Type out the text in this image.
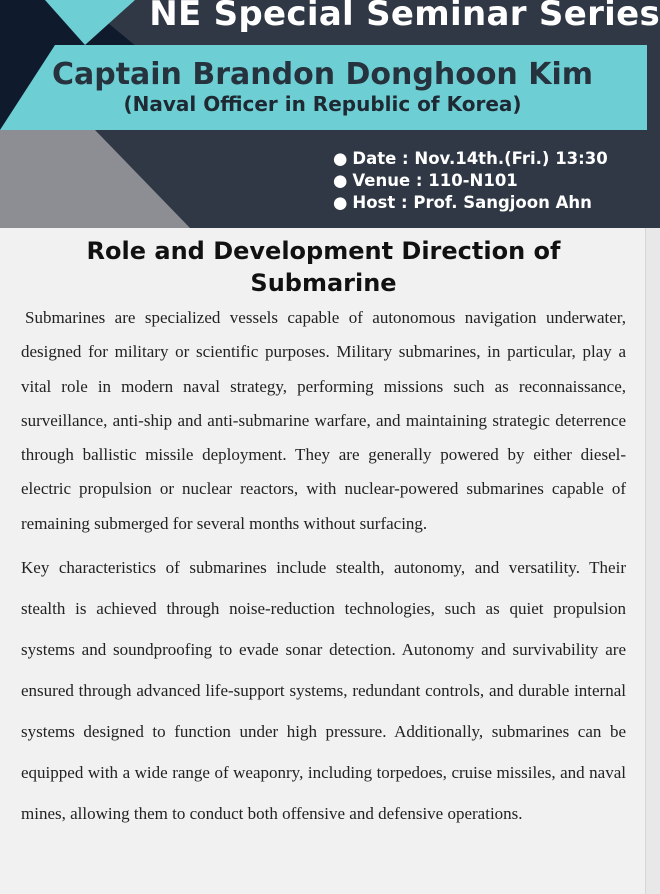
NE Special Seminar Series
Captain Brandon Donghoon Kim
(Naval Officer in Republic of Korea)
● Date : Nov.14th.(Fri.) 13:30
● Venue : 110-N101
● Host : Prof. Sangjoon Ahn
Role and Development Direction of Submarine

Submarines are specialized vessels capable of autonomous navigation underwater, designed for military or scientific purposes. Military submarines, in particular, play a vital role in modern naval strategy, performing missions such as reconnaissance, surveillance, anti-ship and anti-submarine warfare, and maintaining strategic deterrence through ballistic missile deployment. They are generally powered by either diesel-electric propulsion or nuclear reactors, with nuclear-powered submarines capable of remaining submerged for several months without surfacing.

Key characteristics of submarines include stealth, autonomy, and versatility. Their stealth is achieved through noise-reduction technologies, such as quiet propulsion systems and soundproofing to evade sonar detection. Autonomy and survivability are ensured through advanced life-support systems, redundant controls, and durable internal systems designed to function under high pressure. Additionally, submarines can be equipped with a wide range of weaponry, including torpedoes, cruise missiles, and naval mines, allowing them to conduct both offensive and defensive operations.
